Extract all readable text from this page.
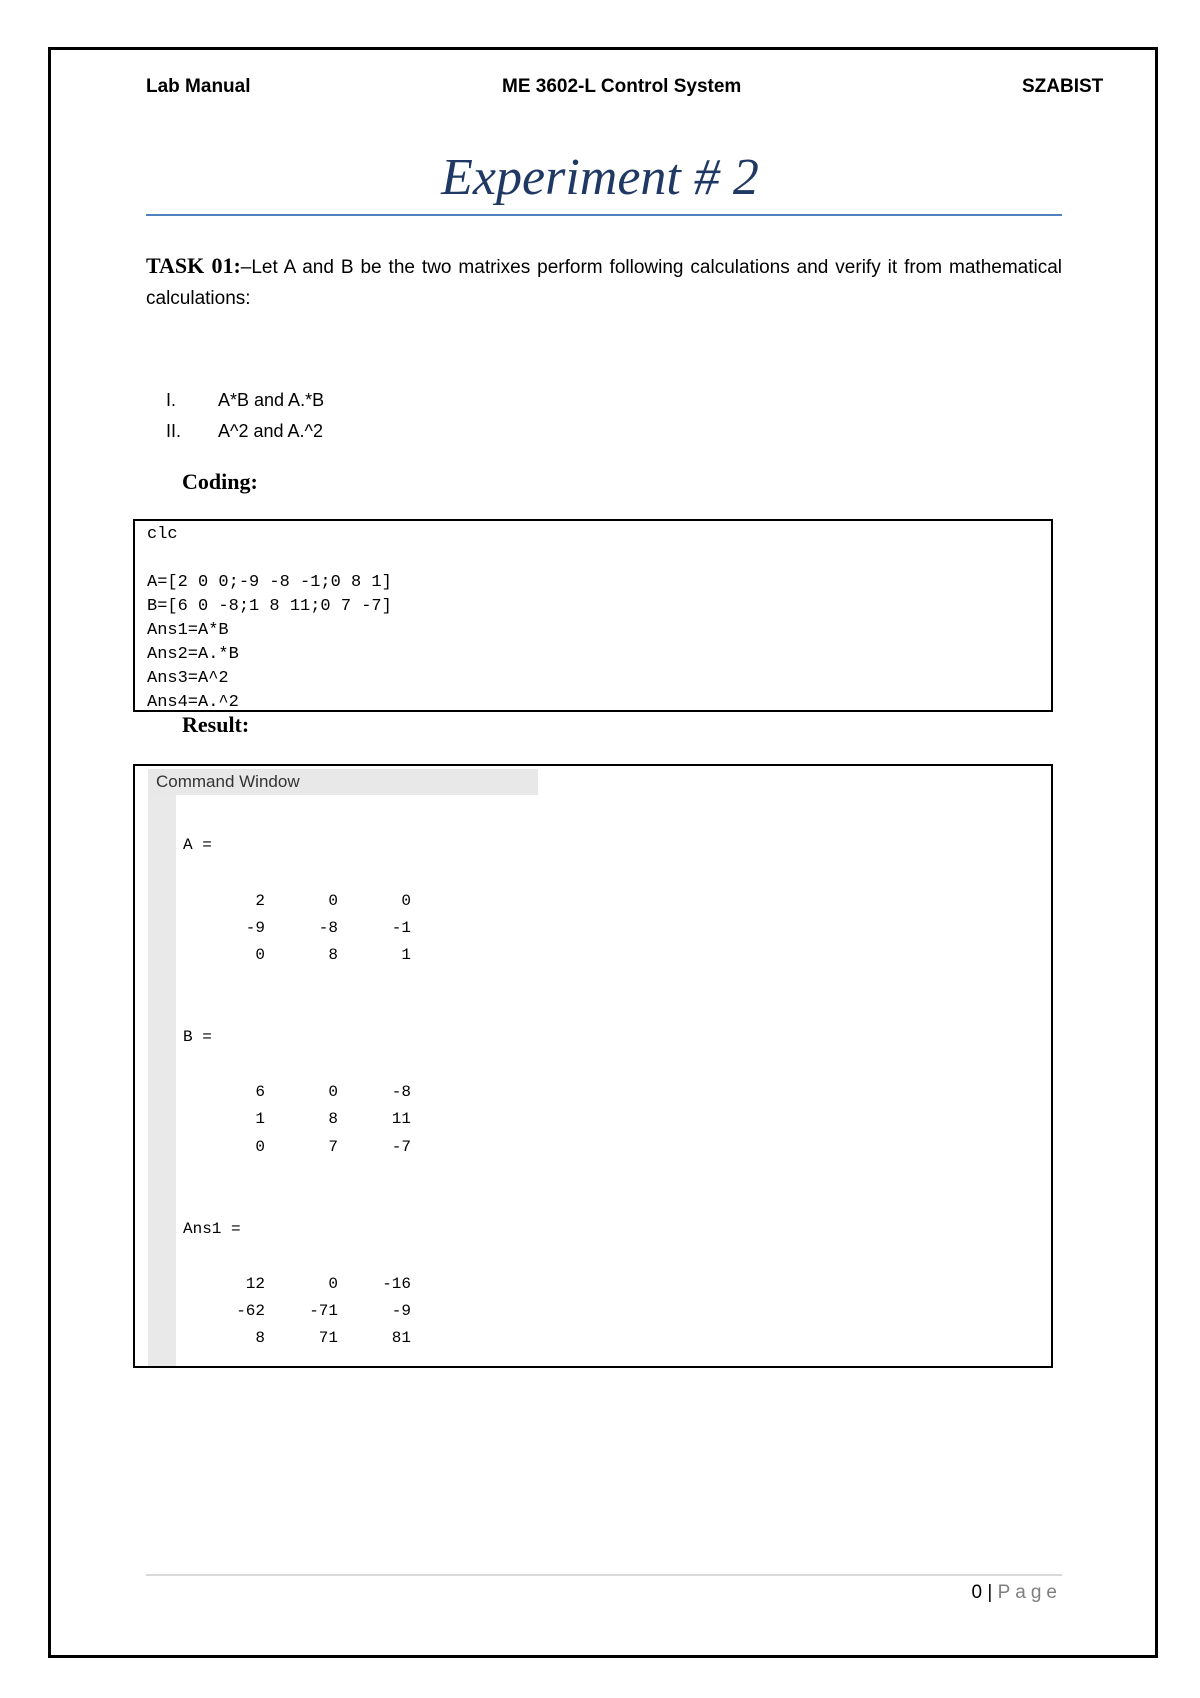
Lab Manual	ME 3602-L Control System	SZABIST
Experiment # 2
TASK 01:–Let A and B be the two matrixes perform following calculations and verify it from mathematical calculations:
I.	A*B and A.*B
II.	A^2 and A.^2
Coding:
clc
A=[2 0 0;-9 -8 -1;0 8 1]
B=[6 0 -8;1 8 11;0 7 -7]
Ans1=A*B
Ans2=A.*B
Ans3=A^2
Ans4=A.^2
Result:
Command Window
A =
2	0	0
-9	-8	-1
0	8	1
B =
6	0	-8
1	8	11
0	7	-7
Ans1 =
12	0	-16
-62	-71	-9
8	71	81
0 | Page
